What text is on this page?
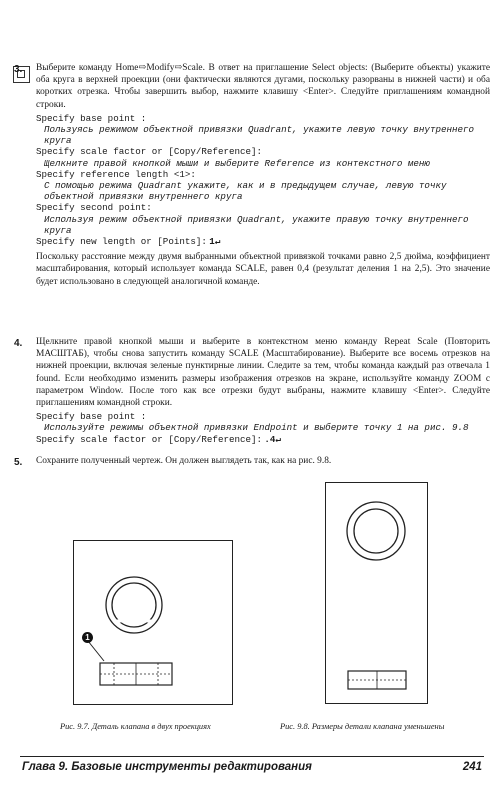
3. Выберите команду Home⇨Modify⇨Scale. В ответ на приглашение Select objects: (Выберите объекты) укажите оба круга в верхней проекции (они фактически являются дугами, поскольку разорваны в нижней части) и оба коротких отрезка. Чтобы завершить выбор, нажмите клавишу <Enter>. Следуйте приглашениям командной строки.

Specify base point :
Пользуясь режимом объектной привязки Quadrant, укажите левую точку внутреннего круга
Specify scale factor or [Copy/Reference]:
Щелкните правой кнопкой мыши и выберите Reference из контекстного меню
Specify reference length <1>:
С помощью режима Quadrant укажите, как и в предыдущем случае, левую точку объектной привязки внутреннего круга
Specify second point:
Используя режим объектной привязки Quadrant, укажите правую точку внутреннего круга
Specify new length or [Points]: 1↵

Поскольку расстояние между двумя выбранными объектной привязкой точками равно 2,5 дюйма, коэффициент масштабирования, который использует команда SCALE, равен 0,4 (результат деления 1 на 2,5). Это значение будет использовано в следующей аналогичной команде.

4. Щелкните правой кнопкой мыши и выберите в контекстном меню команду Repeat Scale (Повторить МАСШТАБ), чтобы снова запустить команду SCALE (Масштабирование). Выберите все восемь отрезков на нижней проекции, включая зеленые пунктирные линии. Следите за тем, чтобы команда каждый раз отвечала 1 found. Если необходимо изменить размеры изображения отрезков на экране, используйте команду ZOOM с параметром Window. После того как все отрезки будут выбраны, нажмите клавишу <Enter>. Следуйте приглашениям командной строки.

Specify base point :
Используйте режимы объектной привязки Endpoint и выберите точку 1 на рис. 9.8
Specify scale factor or [Copy/Reference]: .4↵
5. Сохраните полученный чертеж. Он должен выглядеть так, как на рис. 9.8.

1
Рис. 9.7. Деталь клапана в двух проекциях	Рис. 9.8. Размеры детали клапана уменьшены
Глава 9. Базовые инструменты редактирования	241
